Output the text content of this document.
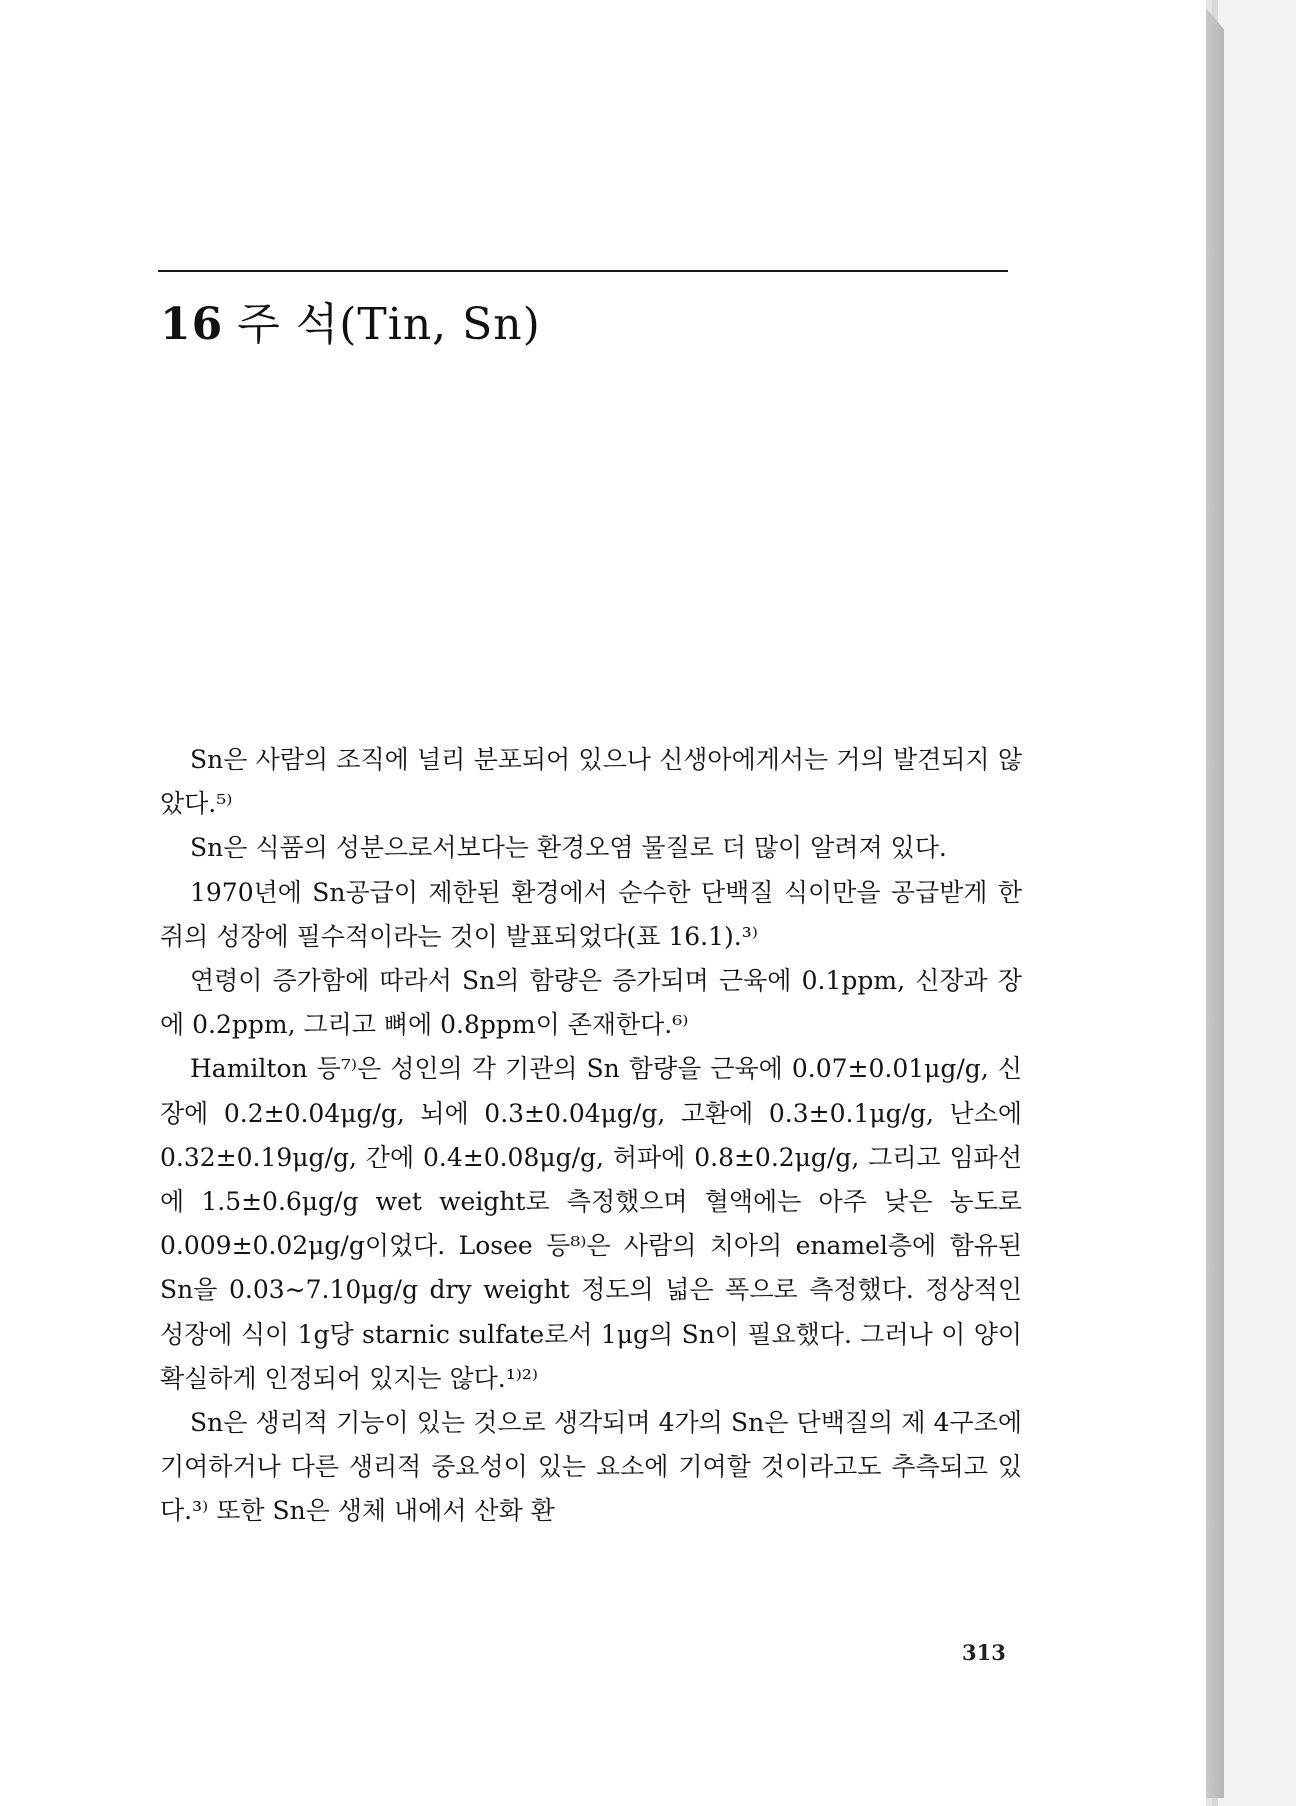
16 주 석(Tin, Sn)

Sn은 사람의 조직에 널리 분포되어 있으나 신생아에게서는 거의 발견되지 않았다.⁵⁾

Sn은 식품의 성분으로서보다는 환경오염 물질로 더 많이 알려져 있다.

1970년에 Sn공급이 제한된 환경에서 순수한 단백질 식이만을 공급받게 한 쥐의 성장에 필수적이라는 것이 발표되었다(표 16.1).³⁾

연령이 증가함에 따라서 Sn의 함량은 증가되며 근육에 0.1ppm, 신장과 장에 0.2ppm, 그리고 뼈에 0.8ppm이 존재한다.⁶⁾

Hamilton 등⁷⁾은 성인의 각 기관의 Sn 함량을 근육에 0.07±0.01μg/g, 신장에 0.2±0.04μg/g, 뇌에 0.3±0.04μg/g, 고환에 0.3±0.1μg/g, 난소에 0.32±0.19μg/g, 간에 0.4±0.08μg/g, 허파에 0.8±0.2μg/g, 그리고 임파선에 1.5±0.6μg/g wet weight로 측정했으며 혈액에는 아주 낮은 농도로 0.009±0.02μg/g이었다. Losee 등⁸⁾은 사람의 치아의 enamel층에 함유된 Sn을 0.03∼7.10μg/g dry weight 정도의 넓은 폭으로 측정했다. 정상적인 성장에 식이 1g당 starnic sulfate로서 1μg의 Sn이 필요했다. 그러나 이 양이 확실하게 인정되어 있지는 않다.¹⁾²⁾

Sn은 생리적 기능이 있는 것으로 생각되며 4가의 Sn은 단백질의 제 4구조에 기여하거나 다른 생리적 중요성이 있는 요소에 기여할 것이라고도 추측되고 있다.³⁾ 또한 Sn은 생체 내에서 산화 환

313
